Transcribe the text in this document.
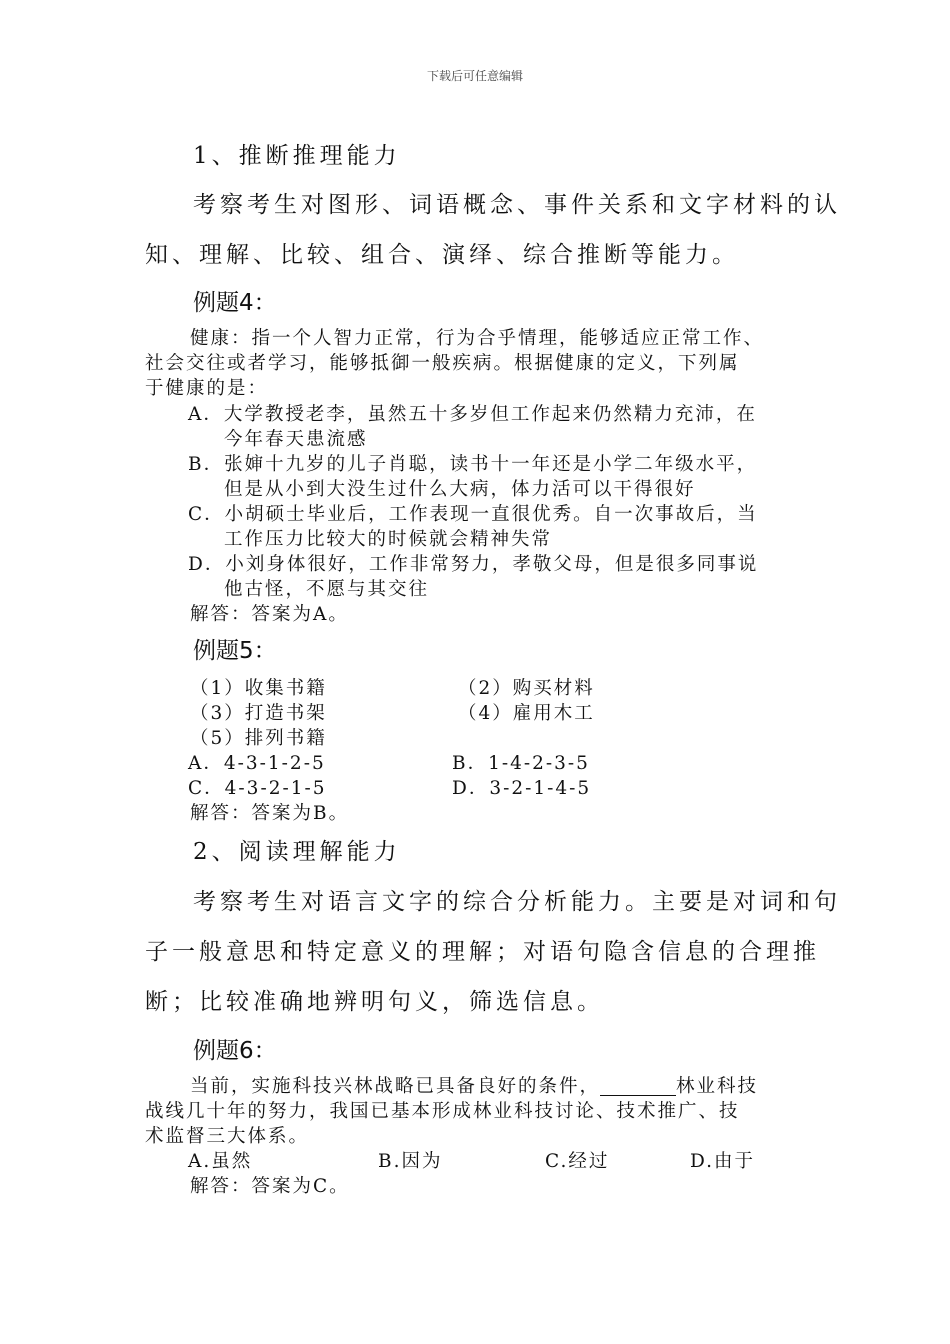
下载后可任意编辑
1、推断推理能力
考察考生对图形、词语概念、事件关系和文字材料的认
知、理解、比较、组合、演绎、综合推断等能力。
例题4：
健康：指一个人智力正常，行为合乎情理，能够适应正常工作、
社会交往或者学习，能够抵御一般疾病。根据健康的定义，下列属
于健康的是：
A．大学教授老李，虽然五十多岁但工作起来仍然精力充沛，在
今年春天患流感
B．张婶十九岁的儿子肖聪，读书十一年还是小学二年级水平，
但是从小到大没生过什么大病，体力活可以干得很好
C．小胡硕士毕业后，工作表现一直很优秀。自一次事故后，当
工作压力比较大的时候就会精神失常
D．小刘身体很好，工作非常努力，孝敬父母，但是很多同事说
他古怪，不愿与其交往
解答：答案为A。
例题5：
（1）收集书籍	（2）购买材料
（3）打造书架	（4）雇用木工
（5）排列书籍
A．4-3-1-2-5	B．1-4-2-3-5
C．4-3-2-1-5	D．3-2-1-4-5
解答：答案为B。
2、阅读理解能力
考察考生对语言文字的综合分析能力。主要是对词和句
子一般意思和特定意义的理解；对语句隐含信息的合理推
断；比较准确地辨明句义，筛选信息。
例题6：
当前，实施科技兴林战略已具备良好的条件，	林业科技
战线几十年的努力，我国已基本形成林业科技讨论、技术推广、技
术监督三大体系。
A.虽然	B.因为	C.经过	D.由于
解答：答案为C。
